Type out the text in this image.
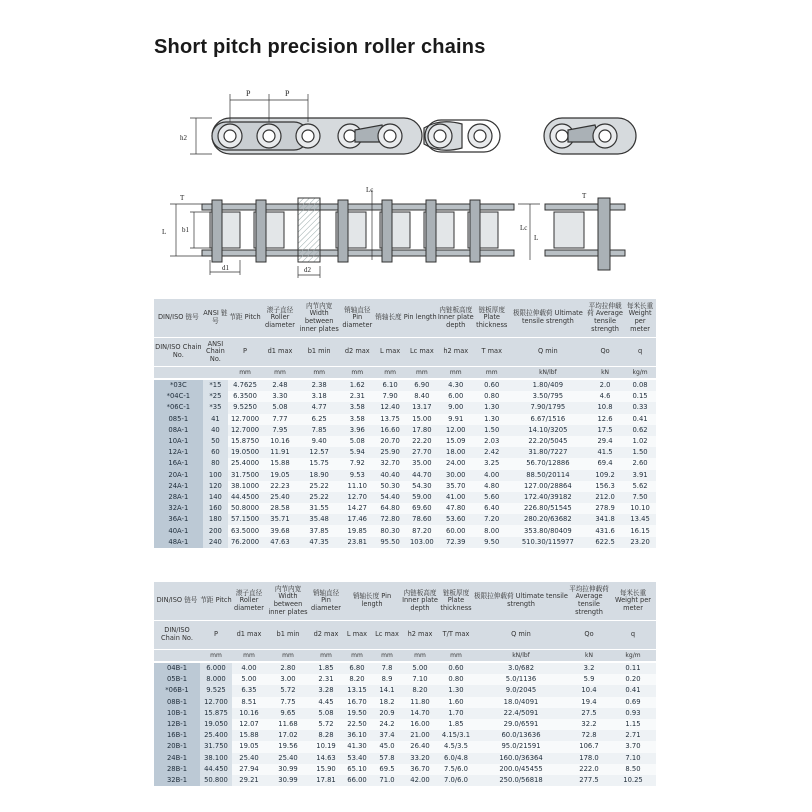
Short pitch precision roller chains
P	P
h2
T
Lc
L b1
d1	d2
T
L
Lc
DIN/ISO 链号	ANSI 链号	节距 Pitch	滚子直径 Roller diameter	内节内宽 Width between inner plates	销轴直径 Pin diameter	销轴长度 Pin length		内链板高度 Inner plate depth	链板厚度 Plate thickness	极限拉伸载荷 Ultimate tensile strength	平均拉伸载荷 Average tensile strength	每米长重 Weight per meter
DIN/ISO Chain No.	ANSI Chain No.	P	d1 max	b1 min	d2 max	L max	Lc max	h2 max	T max	Q min	Qo	q
		mm	mm	mm	mm	mm	mm	mm	mm	kN/lbf	kN	kg/m
*03C	*15	4.7625	2.48	2.38	1.62	6.10	6.90	4.30	0.60	1.80/409	2.0	0.08
*04C-1	*25	6.3500	3.30	3.18	2.31	7.90	8.40	6.00	0.80	3.50/795	4.6	0.15
*06C-1	*35	9.5250	5.08	4.77	3.58	12.40	13.17	9.00	1.30	7.90/1795	10.8	0.33
085-1	41	12.7000	7.77	6.25	3.58	13.75	15.00	9.91	1.30	6.67/1516	12.6	0.41
08A-1	40	12.7000	7.95	7.85	3.96	16.60	17.80	12.00	1.50	14.10/3205	17.5	0.62
10A-1	50	15.8750	10.16	9.40	5.08	20.70	22.20	15.09	2.03	22.20/5045	29.4	1.02
12A-1	60	19.0500	11.91	12.57	5.94	25.90	27.70	18.00	2.42	31.80/7227	41.5	1.50
16A-1	80	25.4000	15.88	15.75	7.92	32.70	35.00	24.00	3.25	56.70/12886	69.4	2.60
20A-1	100	31.7500	19.05	18.90	9.53	40.40	44.70	30.00	4.00	88.50/20114	109.2	3.91
24A-1	120	38.1000	22.23	25.22	11.10	50.30	54.30	35.70	4.80	127.00/28864	156.3	5.62
28A-1	140	44.4500	25.40	25.22	12.70	54.40	59.00	41.00	5.60	172.40/39182	212.0	7.50
32A-1	160	50.8000	28.58	31.55	14.27	64.80	69.60	47.80	6.40	226.80/51545	278.9	10.10
36A-1	180	57.1500	35.71	35.48	17.46	72.80	78.60	53.60	7.20	280.20/63682	341.8	13.45
40A-1	200	63.5000	39.68	37.85	19.85	80.30	87.20	60.00	8.00	353.80/80409	431.6	16.15
48A-1	240	76.2000	47.63	47.35	23.81	95.50	103.00	72.39	9.50	510.30/115977	622.5	23.20
DIN/ISO 链号	节距 Pitch	滚子直径 Roller diameter	内节内宽 Width between inner plates	销轴直径 Pin diameter	销轴长度 Pin length		内链板高度 Inner plate depth	链板厚度 Plate thickness	极限拉伸载荷 Ultimate tensile strength	平均拉伸载荷 Average tensile strength	每米长重 Weight per meter
DIN/ISO Chain No.	P	d1 max	b1 min	d2 max	L max	Lc max	h2 max	T/T max	Q min	Qo	q
	mm	mm	mm	mm	mm	mm	mm	mm	kN/lbf	kN	kg/m
04B-1	6.000	4.00	2.80	1.85	6.80	7.8	5.00	0.60	3.0/682	3.2	0.11
05B-1	8.000	5.00	3.00	2.31	8.20	8.9	7.10	0.80	5.0/1136	5.9	0.20
*06B-1	9.525	6.35	5.72	3.28	13.15	14.1	8.20	1.30	9.0/2045	10.4	0.41
08B-1	12.700	8.51	7.75	4.45	16.70	18.2	11.80	1.60	18.0/4091	19.4	0.69
10B-1	15.875	10.16	9.65	5.08	19.50	20.9	14.70	1.70	22.4/5091	27.5	0.93
12B-1	19.050	12.07	11.68	5.72	22.50	24.2	16.00	1.85	29.0/6591	32.2	1.15
16B-1	25.400	15.88	17.02	8.28	36.10	37.4	21.00	4.15/3.1	60.0/13636	72.8	2.71
20B-1	31.750	19.05	19.56	10.19	41.30	45.0	26.40	4.5/3.5	95.0/21591	106.7	3.70
24B-1	38.100	25.40	25.40	14.63	53.40	57.8	33.20	6.0/4.8	160.0/36364	178.0	7.10
28B-1	44.450	27.94	30.99	15.90	65.10	69.5	36.70	7.5/6.0	200.0/45455	222.0	8.50
32B-1	50.800	29.21	30.99	17.81	66.00	71.0	42.00	7.0/6.0	250.0/56818	277.5	10.25
